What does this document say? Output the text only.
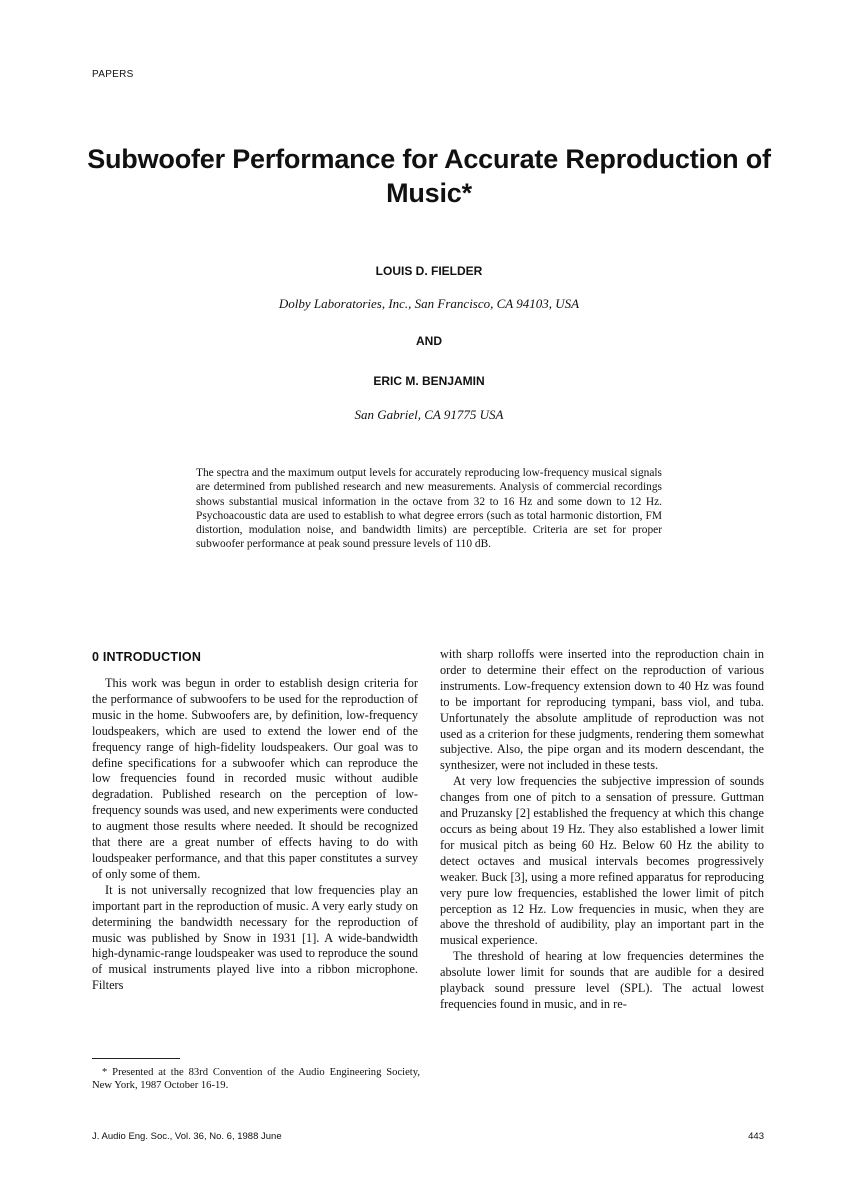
PAPERS
Subwoofer Performance for Accurate Reproduction of Music*
LOUIS D. FIELDER
Dolby Laboratories, Inc., San Francisco, CA 94103, USA
AND
ERIC M. BENJAMIN
San Gabriel, CA 91775 USA
The spectra and the maximum output levels for accurately reproducing low-frequency musical signals are determined from published research and new measurements. Analysis of commercial recordings shows substantial musical information in the octave from 32 to 16 Hz and some down to 12 Hz. Psychoacoustic data are used to establish to what degree errors (such as total harmonic distortion, FM distortion, modulation noise, and bandwidth limits) are perceptible. Criteria are set for proper subwoofer performance at peak sound pressure levels of 110 dB.
0 INTRODUCTION

This work was begun in order to establish design criteria for the performance of subwoofers to be used for the reproduction of music in the home. Subwoofers are, by definition, low-frequency loudspeakers, which are used to extend the lower end of the frequency range of high-fidelity loudspeakers. Our goal was to define specifications for a subwoofer which can reproduce the low frequencies found in recorded music without audible degradation. Published research on the perception of low-frequency sounds was used, and new experiments were conducted to augment those results where needed. It should be recognized that there are a great number of effects having to do with loudspeaker performance, and that this paper constitutes a survey of only some of them.

It is not universally recognized that low frequencies play an important part in the reproduction of music. A very early study on determining the bandwidth necessary for the reproduction of music was published by Snow in 1931 [1]. A wide-bandwidth high-dynamic-range loudspeaker was used to reproduce the sound of musical instruments played live into a ribbon microphone. Filters

with sharp rolloffs were inserted into the reproduction chain in order to determine their effect on the reproduction of various instruments. Low-frequency extension down to 40 Hz was found to be important for reproducing tympani, bass viol, and tuba. Unfortunately the absolute amplitude of reproduction was not used as a criterion for these judgments, rendering them somewhat subjective. Also, the pipe organ and its modern descendant, the synthesizer, were not included in these tests.

At very low frequencies the subjective impression of sounds changes from one of pitch to a sensation of pressure. Guttman and Pruzansky [2] established the frequency at which this change occurs as being about 19 Hz. They also established a lower limit for musical pitch as being 60 Hz. Below 60 Hz the ability to detect octaves and musical intervals becomes progressively weaker. Buck [3], using a more refined apparatus for reproducing very pure low frequencies, established the lower limit of pitch perception as 12 Hz. Low frequencies in music, when they are above the threshold of audibility, play an important part in the musical experience.

The threshold of hearing at low frequencies determines the absolute lower limit for sounds that are audible for a desired playback sound pressure level (SPL). The actual lowest frequencies found in music, and in re-

* Presented at the 83rd Convention of the Audio Engineering Society, New York, 1987 October 16-19.
J. Audio Eng. Soc., Vol. 36, No. 6, 1988 June	443
